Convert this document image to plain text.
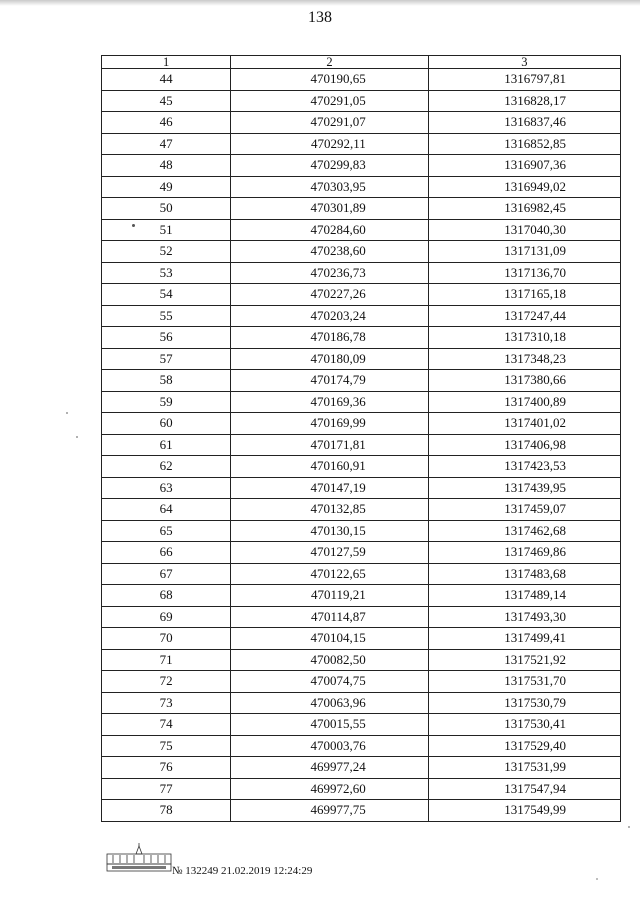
138
1	2	3
44	470190,65	1316797,81
45	470291,05	1316828,17
46	470291,07	1316837,46
47	470292,11	1316852,85
48	470299,83	1316907,36
49	470303,95	1316949,02
50	470301,89	1316982,45
51	470284,60	1317040,30
52	470238,60	1317131,09
53	470236,73	1317136,70
54	470227,26	1317165,18
55	470203,24	1317247,44
56	470186,78	1317310,18
57	470180,09	1317348,23
58	470174,79	1317380,66
59	470169,36	1317400,89
60	470169,99	1317401,02
61	470171,81	1317406,98
62	470160,91	1317423,53
63	470147,19	1317439,95
64	470132,85	1317459,07
65	470130,15	1317462,68
66	470127,59	1317469,86
67	470122,65	1317483,68
68	470119,21	1317489,14
69	470114,87	1317493,30
70	470104,15	1317499,41
71	470082,50	1317521,92
72	470074,75	1317531,70
73	470063,96	1317530,79
74	470015,55	1317530,41
75	470003,76	1317529,40
76	469977,24	1317531,99
77	469972,60	1317547,94
78	469977,75	1317549,99
№ 132249 21.02.2019 12:24:29
